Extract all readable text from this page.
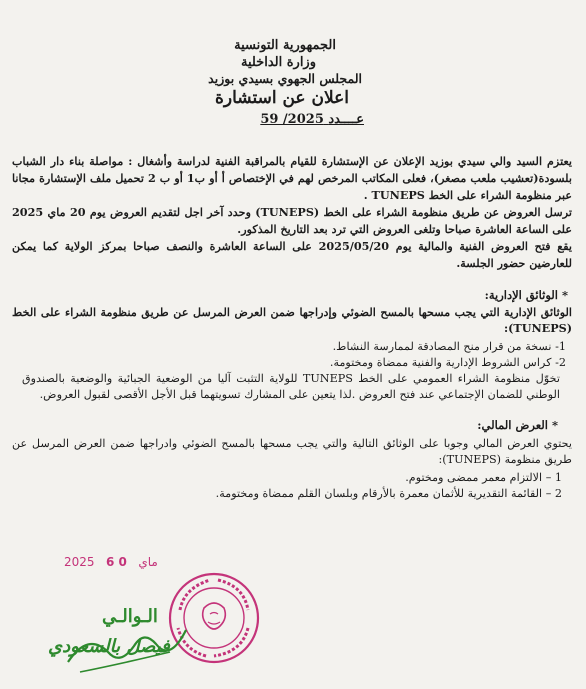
الجمهورية التونسية
وزارة الداخلية
المجلس الجهوي بسيدي بوزيد
اعلان عن استشارة
عــــدد 59 /2025
يعتزم السيد والي سيدي بوزيد الإعلان عن الإستشارة للقيام بالمراقبة الفنية لدراسة وأشغال : مواصلة بناء دار الشباب بلسودة(تعشيب ملعب مصغر)، فعلى المكاتب المرخص لهم في الإختصاص أ أو ب1 أو ب 2 تحميل ملف الإستشارة مجانا عبر منظومة الشراء على الخط TUNEPS .
ترسل العروض عن طريق منظومة الشراء على الخط (TUNEPS) وحدد آخر اجل لتقديم العروض يوم 20 ماي 2025 على الساعة العاشرة صباحا وتلغى العروض التي ترد بعد التاريخ المذكور.
يقع فتح العروض الفنية والمالية يوم 2025/05/20 على الساعة العاشرة والنصف صباحا بمركز الولاية كما يمكن للعارضين حضور الجلسة.
* الوثائق الإدارية:
الوثائق الإدارية التي يجب مسحها بالمسح الضوئي وإدراجها ضمن العرض المرسل عن طريق منظومة الشراء على الخط (TUNEPS):
1- نسخة من قرار منح المصادقة لممارسة النشاط.
2- كراس الشروط الإدارية والفنية ممضاة ومختومة.
تخوّل منظومة الشراء العمومي على الخط TUNEPS للولاية التثبت آليا من الوضعية الجبائية والوضعية بالصندوق الوطني للضمان الإجتماعي عند فتح العروض .لذا يتعين على المشارك تسويتهما قبل الأجل الأقصى لقبول العروض.
* العرض المالي:
يحتوي العرض المالي وجوبا على الوثائق التالية والتي يجب مسحها بالمسح الضوئي وادراجها ضمن العرض المرسل عن طريق منظومة (TUNEPS):
1 – الالتزام معمر ممضى ومختوم.
2 – القائمة التقديرية للأثمان معمرة بالأرقام وبلسان القلم ممضاة ومختومة.
2025	ماي   0 6
الـوالـي
فيصل بالسعودي
